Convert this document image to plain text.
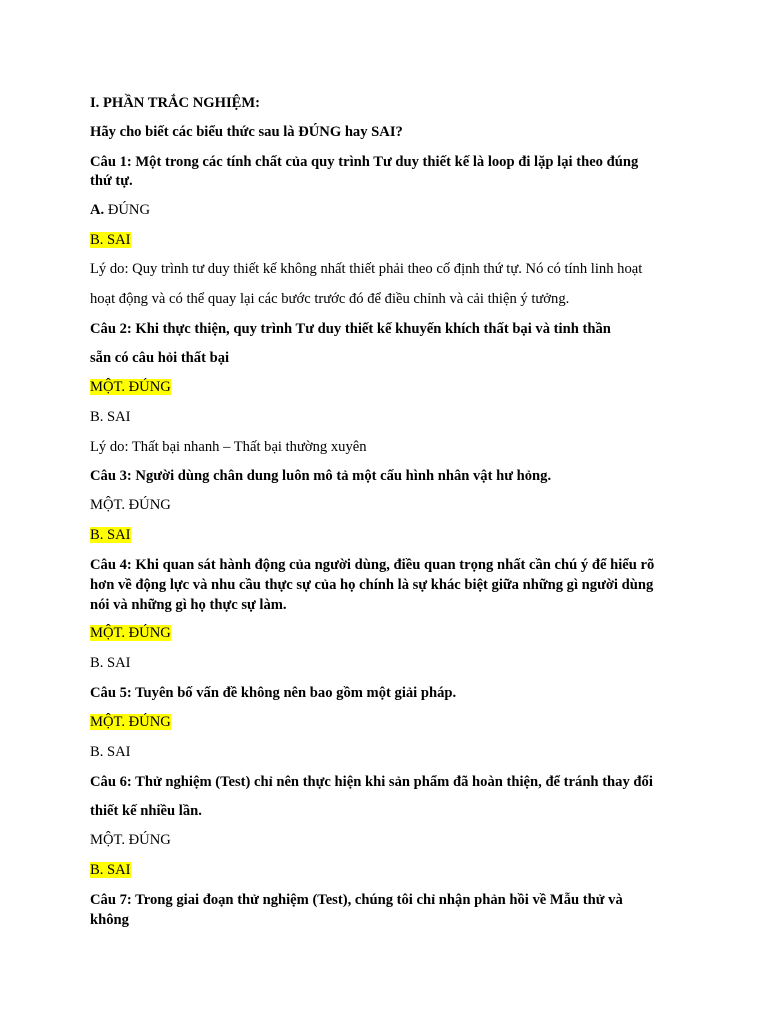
I. PHẦN TRẮC NGHIỆM:
Hãy cho biết các biểu thức sau là ĐÚNG hay SAI?
Câu 1: Một trong các tính chất của quy trình Tư duy thiết kế là loop đi lặp lại theo đúng
thứ tự.
A. ĐÚNG
B. SAI
Lý do: Quy trình tư duy thiết kế không nhất thiết phải theo cố định thứ tự. Nó có tính linh hoạt
hoạt động và có thể quay lại các bước trước đó để điều chỉnh và cải thiện ý tưởng.
Câu 2: Khi thực thiện, quy trình Tư duy thiết kế khuyến khích thất bại và tinh thần
sẵn có câu hỏi thất bại
MỘT. ĐÚNG
B. SAI
Lý do: Thất bại nhanh – Thất bại thường xuyên
Câu 3: Người dùng chân dung luôn mô tả một cấu hình nhân vật hư hỏng.
MỘT. ĐÚNG
B. SAI
Câu 4: Khi quan sát hành động của người dùng, điều quan trọng nhất cần chú ý để hiểu rõ
hơn về động lực và nhu cầu thực sự của họ chính là sự khác biệt giữa những gì người dùng
nói và những gì họ thực sự làm.
MỘT. ĐÚNG
B. SAI
Câu 5: Tuyên bố vấn đề không nên bao gồm một giải pháp.
MỘT. ĐÚNG
B. SAI
Câu 6: Thử nghiệm (Test) chỉ nên thực hiện khi sản phẩm đã hoàn thiện, để tránh thay đổi
thiết kế nhiều lần.
MỘT. ĐÚNG
B. SAI
Câu 7: Trong giai đoạn thử nghiệm (Test), chúng tôi chỉ nhận phản hồi về Mẫu thử và
không
